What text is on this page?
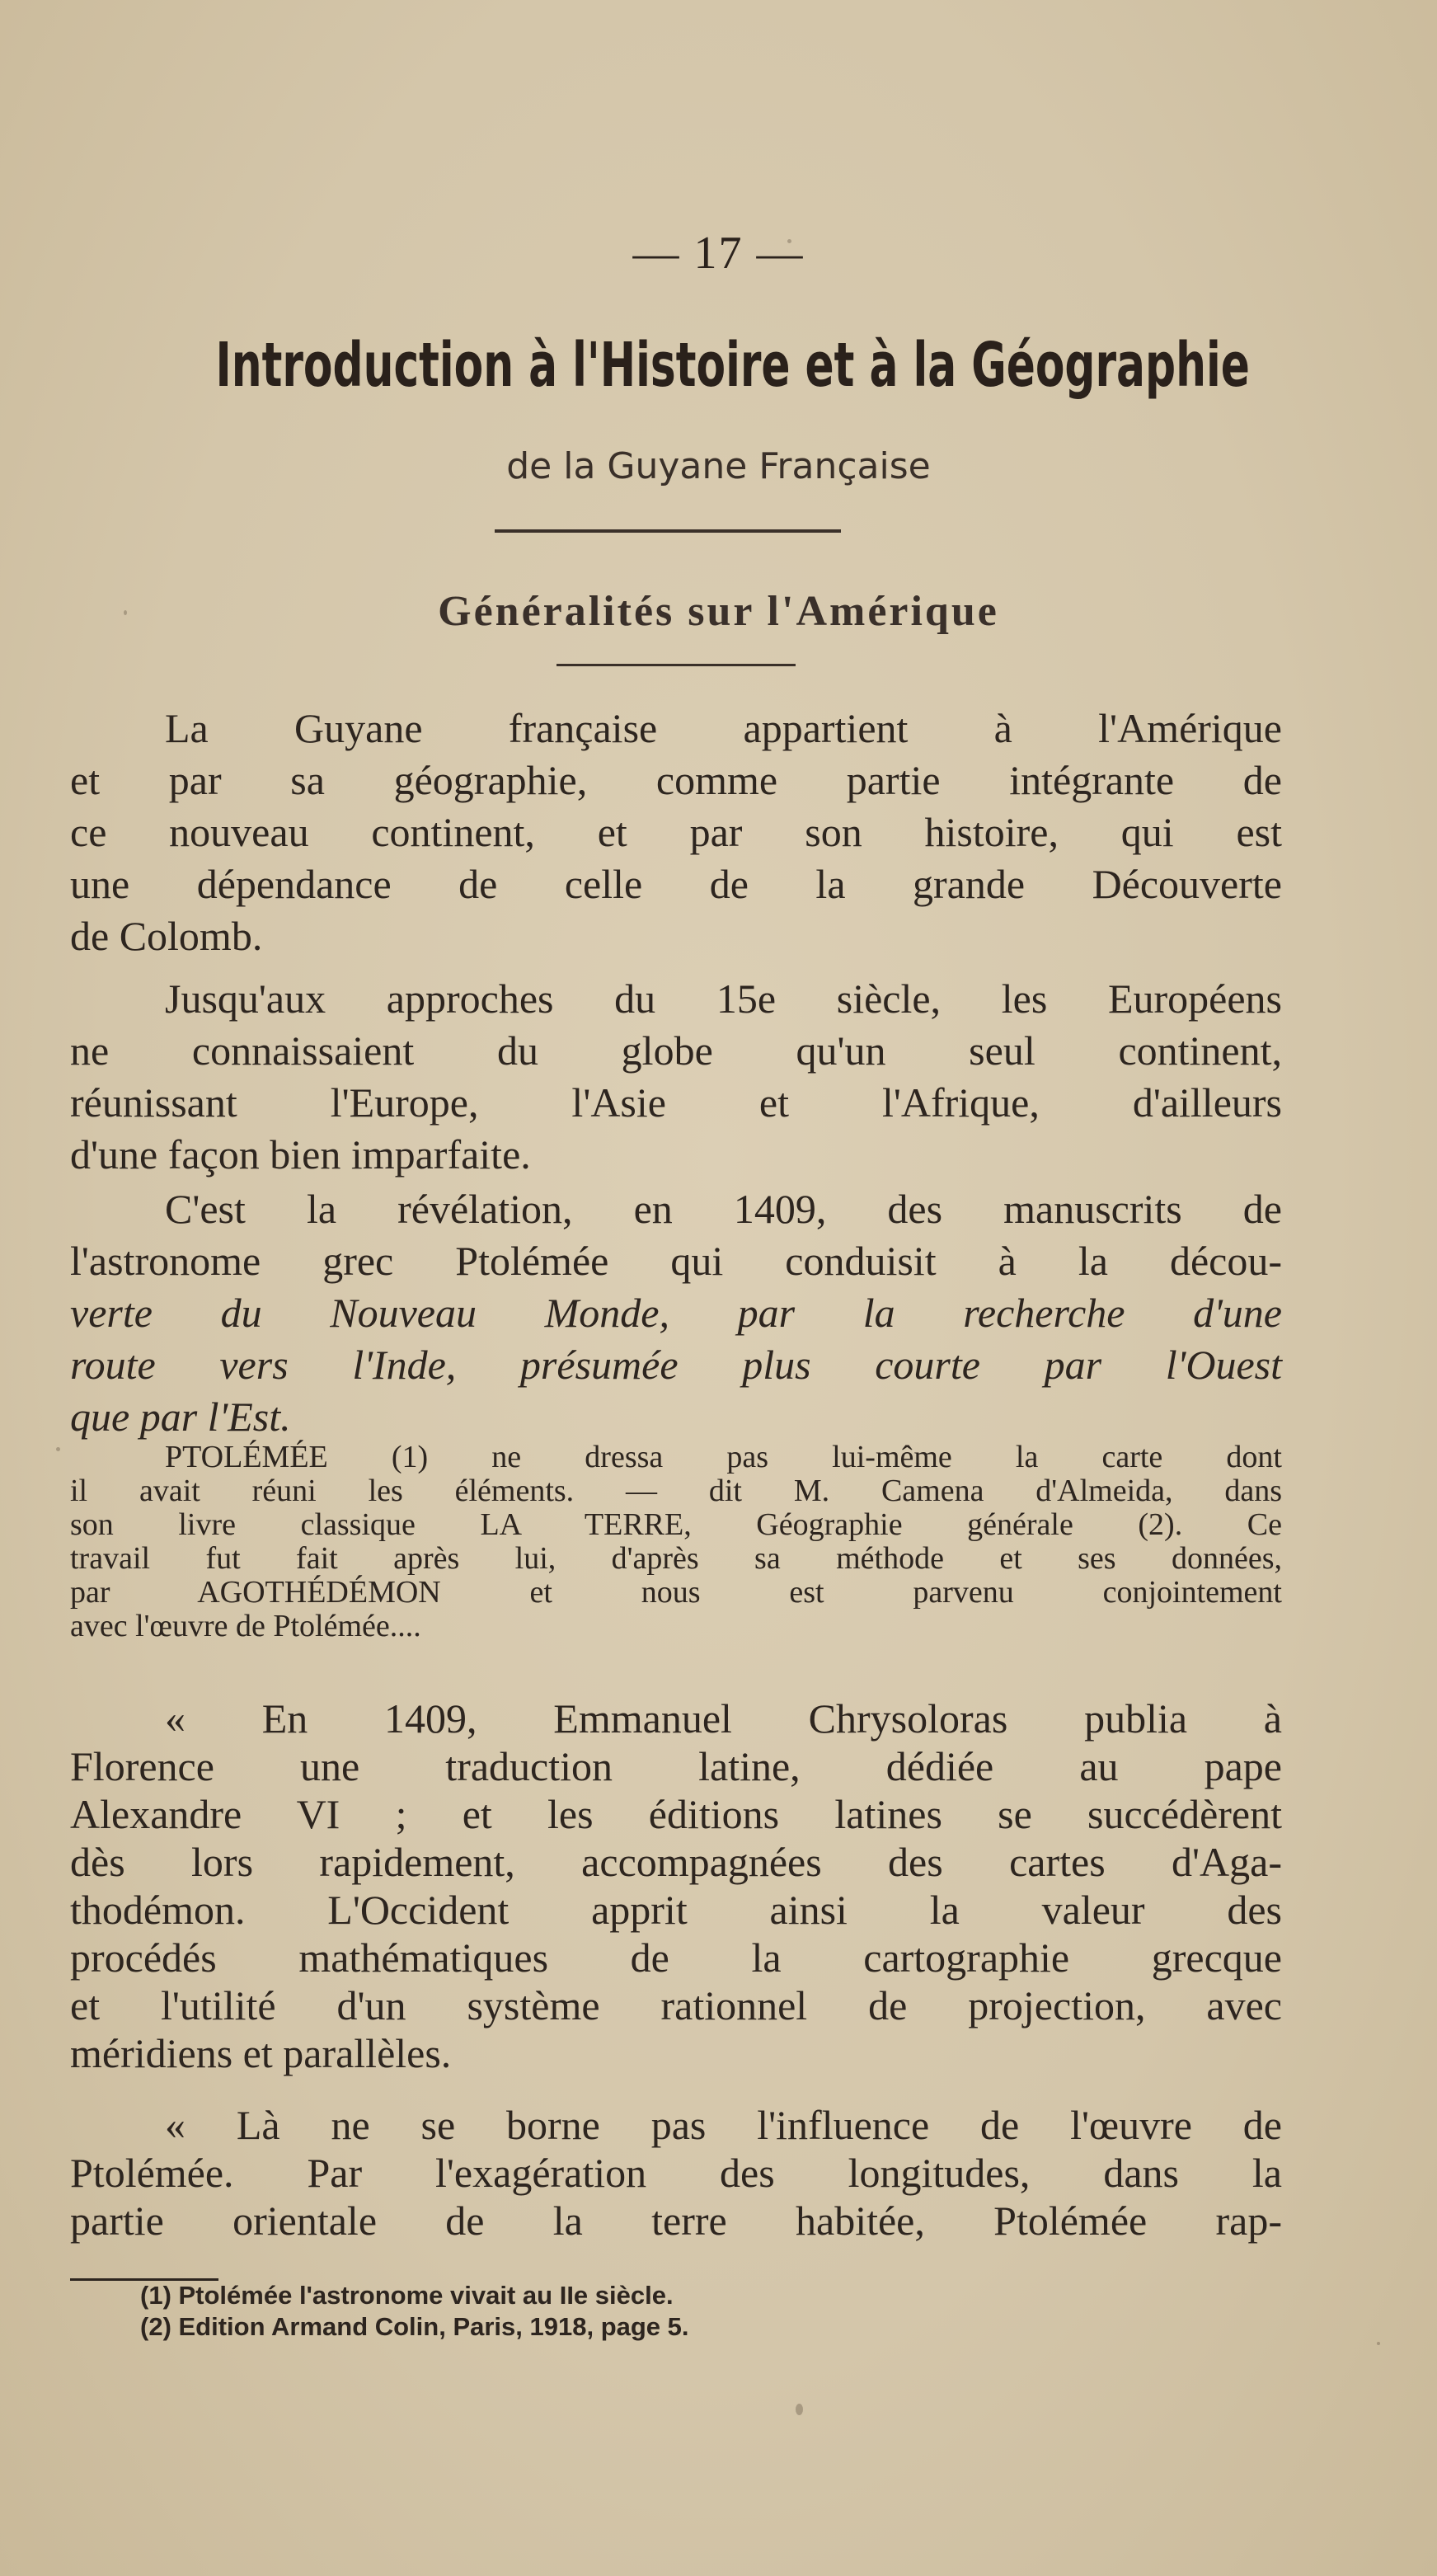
— 17 —
Introduction à l'Histoire et à la Géographie
de la Guyane Française
Généralités sur l'Amérique
La Guyane française appartient à l'Amérique
et par sa géographie, comme partie intégrante de
ce nouveau continent, et par son histoire, qui est
une dépendance de celle de la grande Découverte
de Colomb.
Jusqu'aux approches du 15e siècle, les Européens
ne connaissaient du globe qu'un seul continent,
réunissant l'Europe, l'Asie et l'Afrique, d'ailleurs
d'une façon bien imparfaite.
C'est la révélation, en 1409, des manuscrits de
l'astronome grec Ptolémée qui conduisit à la décou-
verte du Nouveau Monde, par la recherche d'une
route vers l'Inde, présumée plus courte par l'Ouest
que par l'Est.
PTOLÉMÉE (1) ne dressa pas lui-même la carte dont
il avait réuni les éléments. — dit M. Camena d'Almeida, dans
son livre classique LA TERRE, Géographie générale (2). Ce
travail fut fait après lui, d'après sa méthode et ses données,
par AGOTHÉDÉMON et nous est parvenu conjointement
avec l'œuvre de Ptolémée....
« En 1409, Emmanuel Chrysoloras publia à
Florence une traduction latine, dédiée au pape
Alexandre VI ; et les éditions latines se succédèrent
dès lors rapidement, accompagnées des cartes d'Aga-
thodémon. L'Occident apprit ainsi la valeur des
procédés mathématiques de la cartographie grecque
et l'utilité d'un système rationnel de projection, avec
méridiens et parallèles.
« Là ne se borne pas l'influence de l'œuvre de
Ptolémée. Par l'exagération des longitudes, dans la
partie orientale de la terre habitée, Ptolémée rap-
(1) Ptolémée l'astronome vivait au IIe siècle.
(2) Edition Armand Colin, Paris, 1918, page 5.
